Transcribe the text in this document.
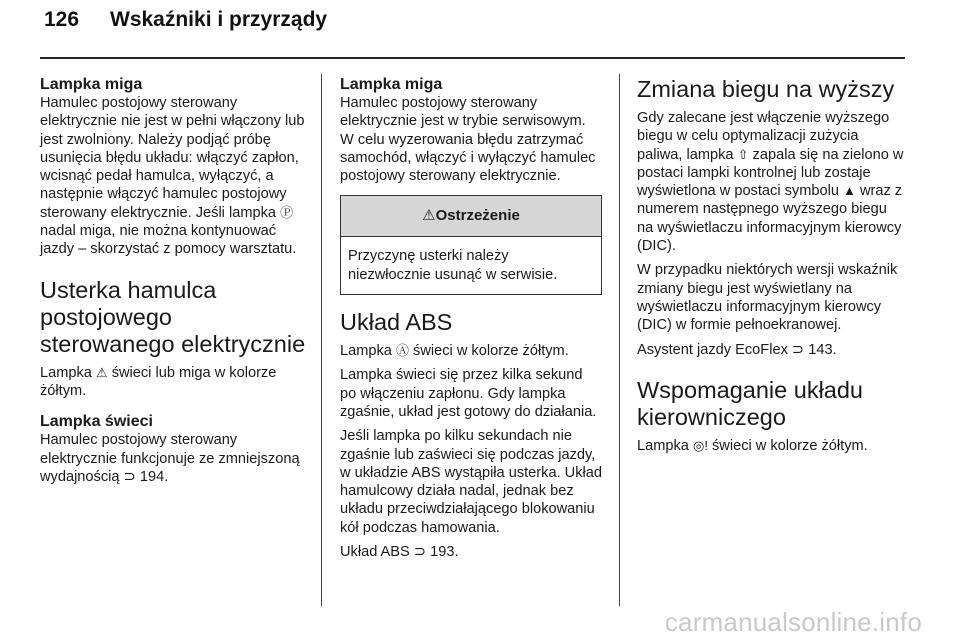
126 Wskaźniki i przyrządy
Lampka miga

Hamulec postojowy sterowany elektrycznie nie jest w pełni włączony lub jest zwolniony. Należy podjąć próbę usunięcia błędu układu: włączyć zapłon, wcisnąć pedał hamulca, wyłączyć, a następnie włączyć hamulec postojowy sterowany elektrycznie. Jeśli lampka Ⓟ nadal miga, nie można kontynuować jazdy – skorzystać z pomocy warsztatu.

Usterka hamulca postojowego sterowanego elektrycznie

Lampka ⚠ świeci lub miga w kolorze żółtym.

Lampka świeci

Hamulec postojowy sterowany elektrycznie funkcjonuje ze zmniejszoną wydajnością ⊃ 194.

Lampka miga

Hamulec postojowy sterowany elektrycznie jest w trybie serwisowym. W celu wyzerowania błędu zatrzymać samochód, włączyć i wyłączyć hamulec postojowy sterowany elektrycznie.

⚠Ostrzeżenie
Przyczynę usterki należy niezwłocznie usunąć w serwisie.
Układ ABS

Lampka Ⓐ świeci w kolorze żółtym.

Lampka świeci się przez kilka sekund po włączeniu zapłonu. Gdy lampka zgaśnie, układ jest gotowy do działania.

Jeśli lampka po kilku sekundach nie zgaśnie lub zaświeci się podczas jazdy, w układzie ABS wystąpiła usterka. Układ hamulcowy działa nadal, jednak bez układu przeciwdziałającego blokowaniu kół podczas hamowania.

Układ ABS ⊃ 193.

Zmiana biegu na wyższy

Gdy zalecane jest włączenie wyższego biegu w celu optymalizacji zużycia paliwa, lampka ⇧ zapala się na zielono w postaci lampki kontrolnej lub zostaje wyświetlona w postaci symbolu ▲ wraz z numerem następnego wyższego biegu na wyświetlaczu informacyjnym kierowcy (DIC).

W przypadku niektórych wersji wskaźnik zmiany biegu jest wyświetlany na wyświetlaczu informacyjnym kierowcy (DIC) w formie pełnoekranowej.

Asystent jazdy EcoFlex ⊃ 143.

Wspomaganie układu kierowniczego

Lampka ◎! świeci w kolorze żółtym.

carmanualsonline.info
